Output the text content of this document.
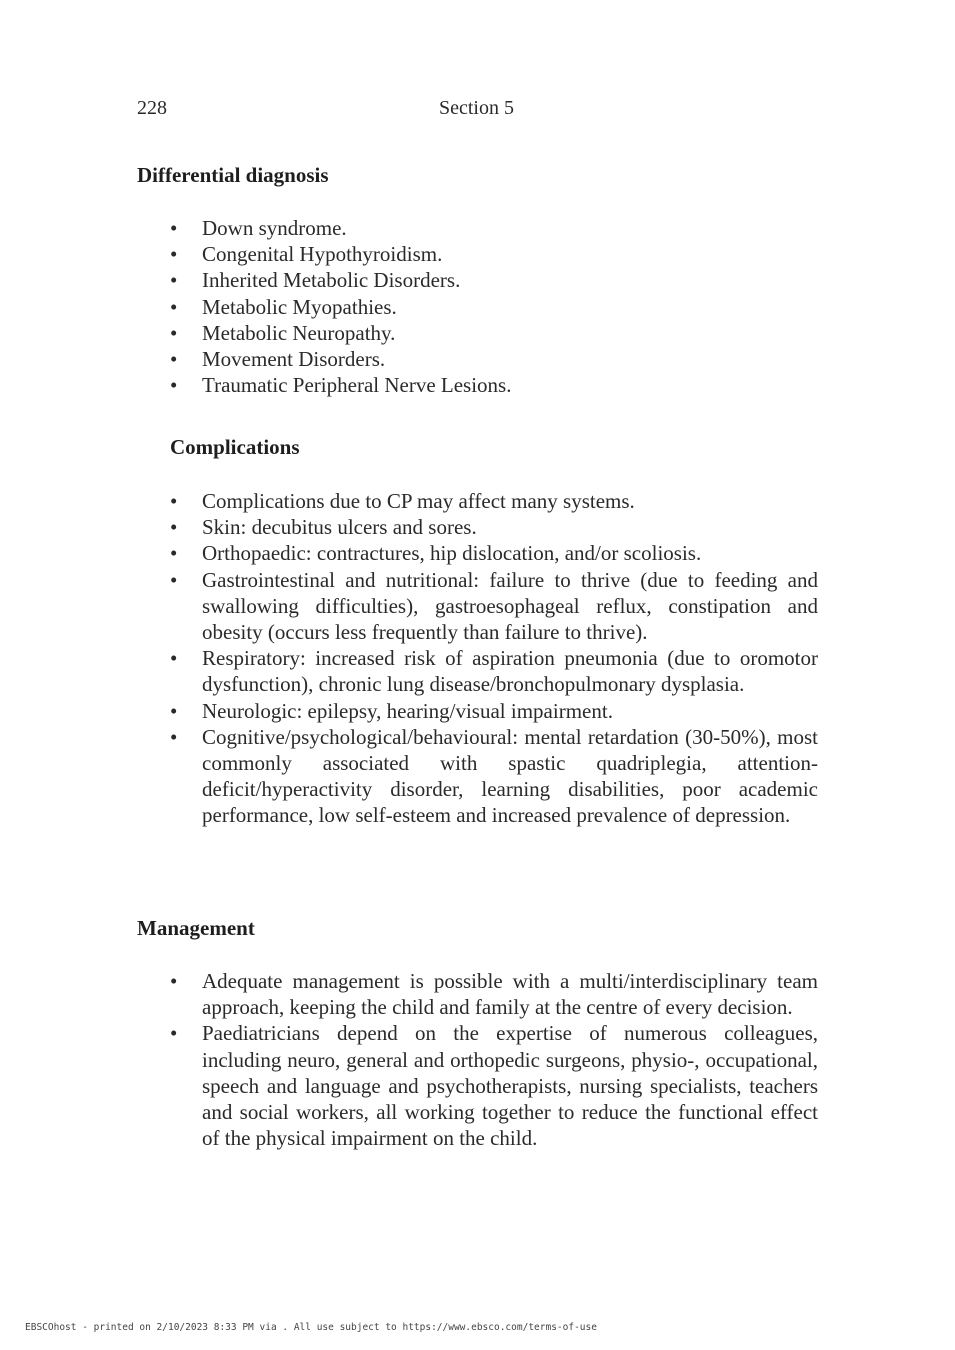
228	Section 5
Differential diagnosis
• Down syndrome.
• Congenital Hypothyroidism.
• Inherited Metabolic Disorders.
• Metabolic Myopathies.
• Metabolic Neuropathy.
• Movement Disorders.
• Traumatic Peripheral Nerve Lesions.
Complications
• Complications due to CP may affect many systems.
• Skin: decubitus ulcers and sores.
• Orthopaedic: contractures, hip dislocation, and/or scoliosis.
• Gastrointestinal and nutritional: failure to thrive (due to feeding and swallowing difficulties), gastroesophageal reflux, constipation and obesity (occurs less frequently than failure to thrive).
• Respiratory: increased risk of aspiration pneumonia (due to oromotor dysfunction), chronic lung disease/bronchopulmonary dysplasia.
• Neurologic: epilepsy, hearing/visual impairment.
• Cognitive/psychological/behavioural: mental retardation (30-50%), most commonly associated with spastic quadriplegia, attention-deficit/hyperactivity disorder, learning disabilities, poor academic performance, low self-esteem and increased prevalence of depression.
Management
• Adequate management is possible with a multi/interdisciplinary team approach, keeping the child and family at the centre of every decision.
• Paediatricians depend on the expertise of numerous colleagues, including neuro, general and orthopedic surgeons, physio-, occupational, speech and language and psychotherapists, nursing specialists, teachers and social workers, all working together to reduce the functional effect of the physical impairment on the child.
EBSCOhost - printed on 2/10/2023 8:33 PM via . All use subject to https://www.ebsco.com/terms-of-use
